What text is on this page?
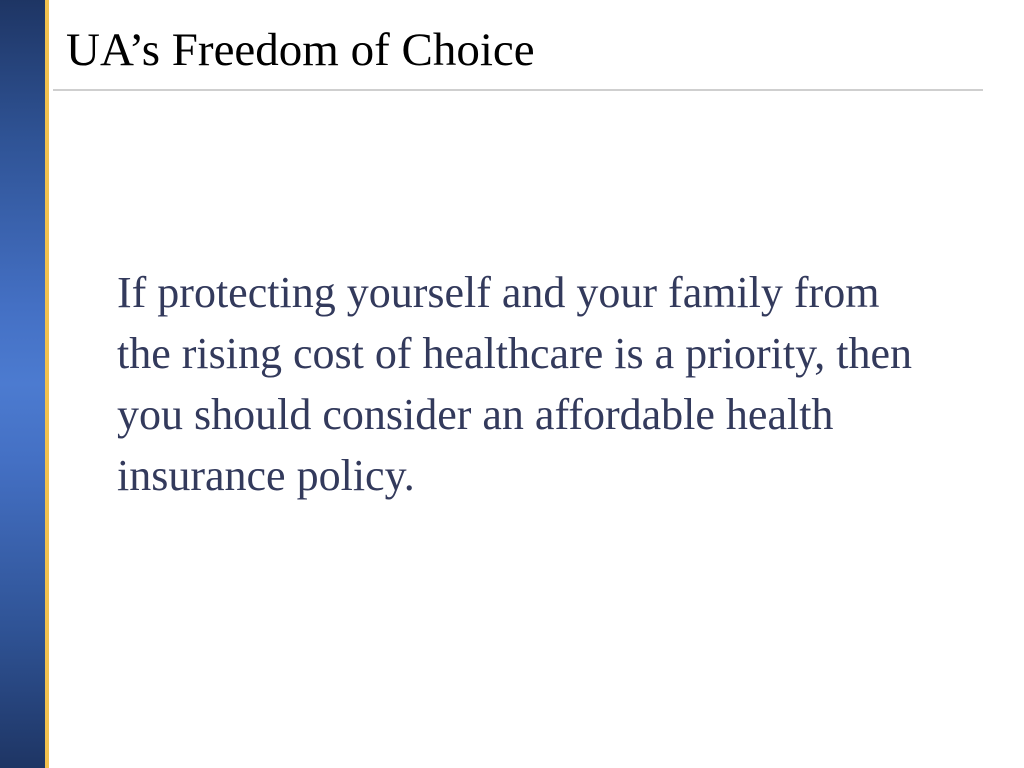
UA’s Freedom of Choice

If protecting yourself and your family from the rising cost of healthcare is a priority, then you should consider an affordable health insurance policy.
